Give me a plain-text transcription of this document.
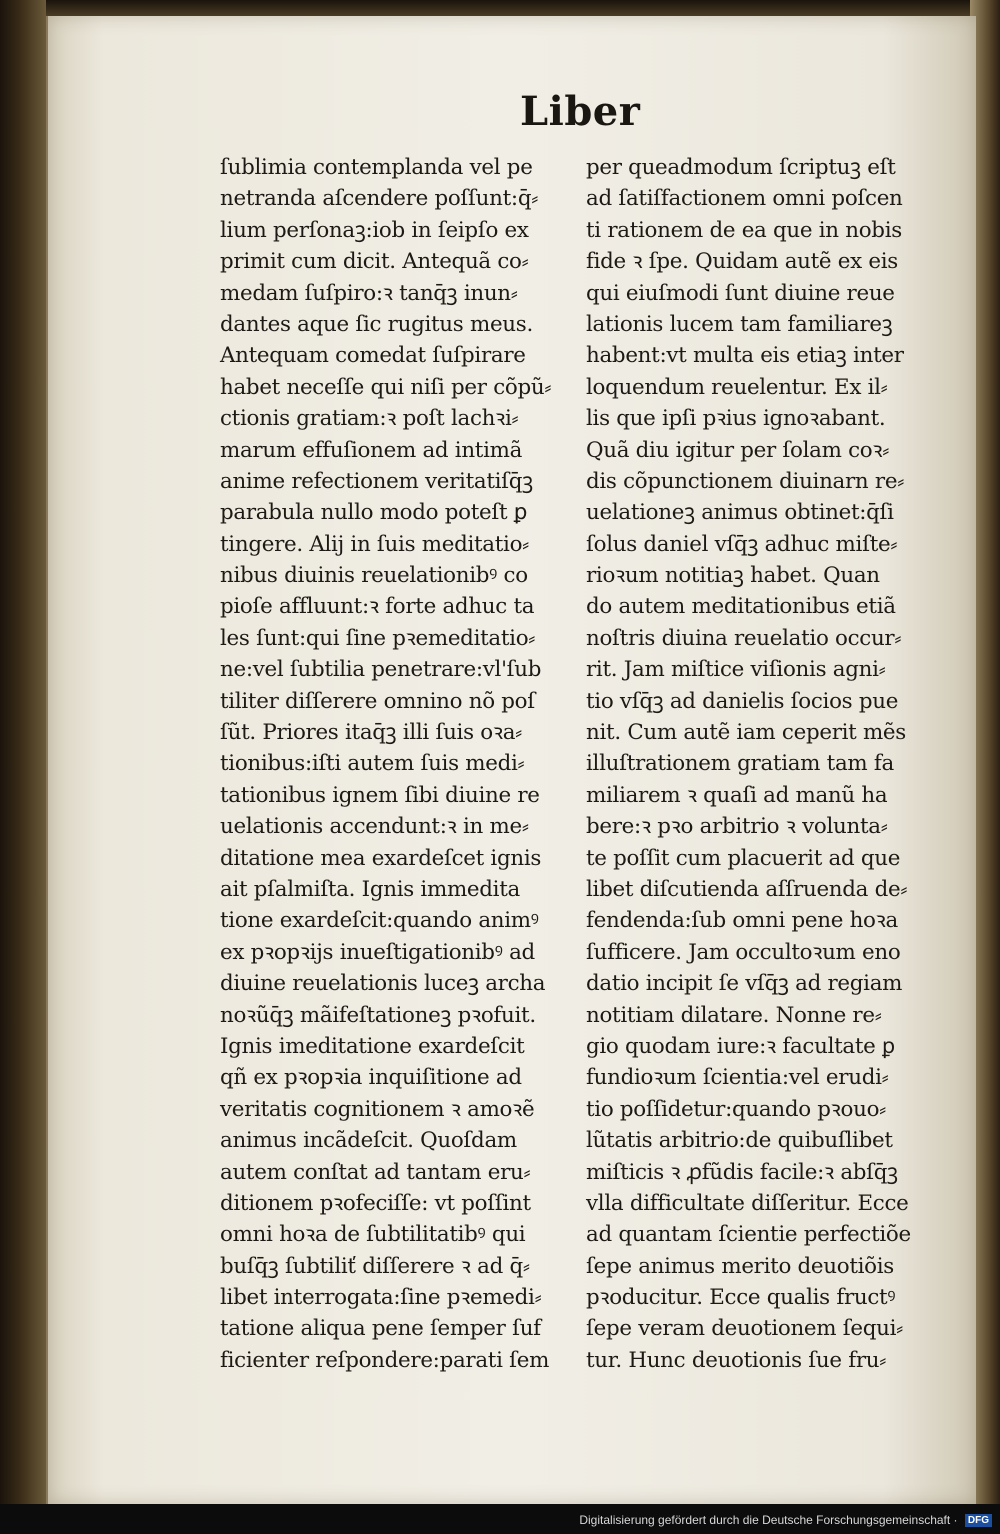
Liber
ſublimia contemplanda vel pe
netranda aſcendere poſſunt:q̄⸗
lium perſonaꝫ:iob in ſeipſo ex
primit cum dicit. Antequã co⸗
medam ſuſpiro:ꝛ tanq̄ꝫ inun⸗
dantes aque ſic rugitus meus.
Antequam comedat ſuſpirare
habet neceſſe qui niſi per cõpũ⸗
ctionis gratiam:ꝛ poſt lachꝛi⸗
marum effuſionem ad intimã
anime refectionem veritatiſq̄ꝫ
parabula nullo modo poteſt ꝑ
tingere. Alij in ſuis meditatio⸗
nibus diuinis reuelationibꝰ co
pioſe affluunt:ꝛ forte adhuc ta
les ſunt:qui ſine pꝛemeditatio⸗
ne:vel ſubtilia penetrare:vl'ſub
tiliter diſſerere omnino nõ poſ
ſũt. Priores itaq̄ꝫ illi ſuis oꝛa⸗
tionibus:iſti autem ſuis medi⸗
tationibus ignem ſibi diuine re
uelationis accendunt:ꝛ in me⸗
ditatione mea exardeſcet ignis
ait pſalmiſta. Ignis immedita
tione exardeſcit:quando animꝰ
ex pꝛopꝛijs inueſtigationibꝰ ad
diuine reuelationis luceꝫ archa
noꝛũq̄ꝫ mãifeſtationeꝫ pꝛofuit.
Ignis imeditatione exardeſcit
qñ ex pꝛopꝛia inquiſitione ad
veritatis cognitionem ꝛ amoꝛẽ
animus incãdeſcit. Quoſdam
autem conſtat ad tantam eru⸗
ditionem pꝛofeciſſe: vt poſſint
omni hoꝛa de ſubtilitatibꝰ qui
buſq̄ꝫ ſubtiliť diſſerere ꝛ ad q̄⸗
libet interrogata:ſine pꝛemedi⸗
tatione aliqua pene ſemper ſuf
ficienter reſpondere:parati ſem
per queadmodum ſcriptuꝫ eſt
ad ſatiſfactionem omni poſcen
ti rationem de ea que in nobis
fide ꝛ ſpe. Quidam autẽ ex eis
qui eiuſmodi ſunt diuine reue
lationis lucem tam familiareꝫ
habent:vt multa eis etiaꝫ inter
loquendum reuelentur. Ex il⸗
lis que ipſi pꝛius ignoꝛabant.
Quã diu igitur per ſolam coꝛ⸗
dis cõpunctionem diuinarn re⸗
uelationeꝫ animus obtinet:q̄ſi
ſolus daniel vſq̄ꝫ adhuc miſte⸗
rioꝛum notitiaꝫ habet. Quan
do autem meditationibus etiã
noſtris diuina reuelatio occur⸗
rit. Jam miſtice viſionis agni⸗
tio vſq̄ꝫ ad danielis ſocios pue
nit. Cum autẽ iam ceperit mẽs
illuſtrationem gratiam tam fa
miliarem ꝛ quaſi ad manũ ha
bere:ꝛ pꝛo arbitrio ꝛ volunta⸗
te poſſit cum placuerit ad que
libet diſcutienda aſſruenda de⸗
fendenda:ſub omni pene hoꝛa
ſufficere. Jam occultoꝛum eno
datio incipit ſe vſq̄ꝫ ad regiam
notitiam dilatare. Nonne re⸗
gio quodam iure:ꝛ facultate ꝑ
fundioꝛum ſcientia:vel erudi⸗
tio poſſidetur:quando pꝛouo⸗
lũtatis arbitrio:de quibuſlibet
miſticis ꝛ ꝓfũdis facile:ꝛ abſq̄ꝫ
vlla difficultate diſſeritur. Ecce
ad quantam ſcientie perfectiõe
ſepe animus merito deuotiõis
pꝛoducitur. Ecce qualis fructꝰ
ſepe veram deuotionem ſequi⸗
tur. Hunc deuotionis ſue fru⸗
Digitalisierung gefördert durch die Deutsche Forschungsgemeinschaft · DFG
